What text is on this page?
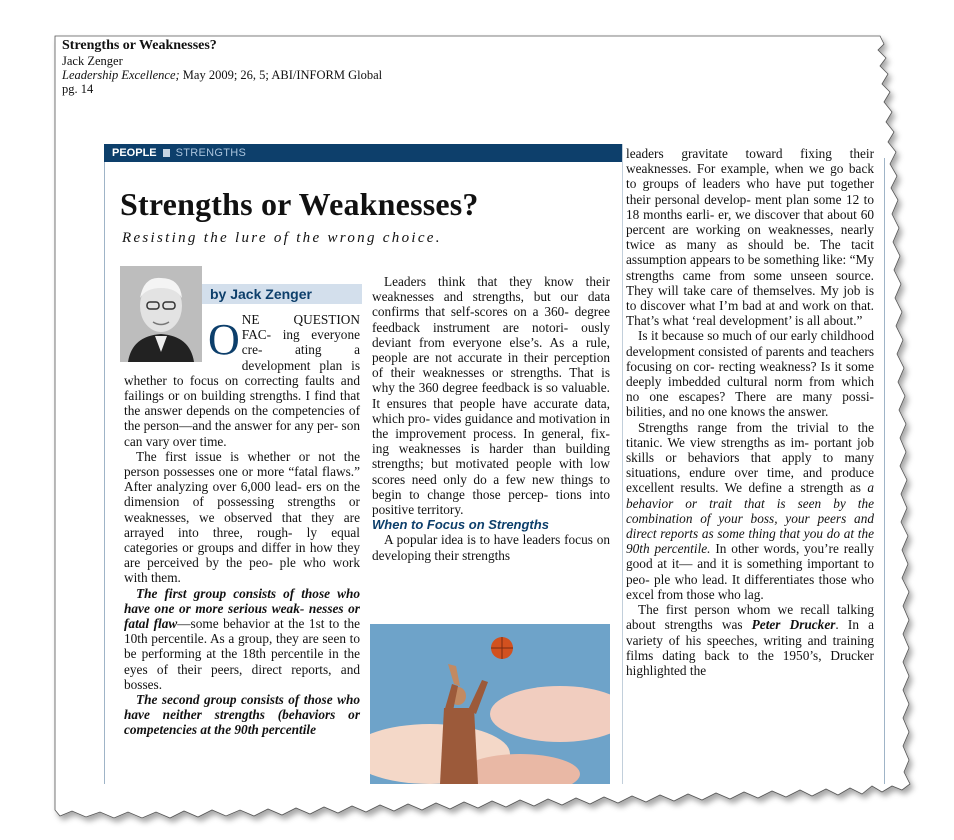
Strengths or Weaknesses?
Jack Zenger
Leadership Excellence; May 2009; 26, 5; ABI/INFORM Global
pg. 14
PEOPLE STRENGTHS
Strengths or Weaknesses?
Resisting the lure of the wrong choice.
by Jack Zenger

ONE QUESTION FAC- ing everyone cre- ating a development plan is whether to focus on correcting faults and failings or on building strengths. I find that the answer depends on the competencies of the person—and the answer for any per- son can vary over time.

The first issue is whether or not the person possesses one or more “fatal flaws.” After analyzing over 6,000 lead- ers on the dimension of possessing strengths or weaknesses, we observed that they are arrayed into three, rough- ly equal categories or groups and differ in how they are perceived by the peo- ple who work with them.

The first group consists of those who have one or more serious weak- nesses or fatal flaw—some behavior at the 1st to the 10th percentile. As a group, they are seen to be performing at the 18th percentile in the eyes of their peers, direct reports, and bosses.

The second group consists of those who have neither strengths (behaviors or competencies at the 90th percentile

Leaders think that they know their weaknesses and strengths, but our data confirms that self-scores on a 360- degree feedback instrument are notori- ously deviant from everyone else’s. As a rule, people are not accurate in their perception of their weaknesses or strengths. That is why the 360 degree feedback is so valuable. It ensures that people have accurate data, which pro- vides guidance and motivation in the improvement process. In general, fix- ing weaknesses is harder than building strengths; but motivated people with low scores need only do a few new things to begin to change those percep- tions into positive territory.

When to Focus on Strengths

A popular idea is to have leaders focus on developing their strengths

leaders gravitate toward fixing their weaknesses. For example, when we go back to groups of leaders who have put together their personal develop- ment plan some 12 to 18 months earli- er, we discover that about 60 percent are working on weaknesses, nearly twice as many as should be. The tacit assumption appears to be something like: “My strengths came from some unseen source. They will take care of themselves. My job is to discover what I’m bad at and work on that. That’s what ‘real development’ is all about.”

Is it because so much of our early childhood development consisted of parents and teachers focusing on cor- recting weakness? Is it some deeply imbedded cultural norm from which no one escapes? There are many possi- bilities, and no one knows the answer.

Strengths range from the trivial to the titanic. We view strengths as im- portant job skills or behaviors that apply to many situations, endure over time, and produce excellent results. We define a strength as a behavior or trait that is seen by the combination of your boss, your peers and direct reports as some thing that you do at the 90th percentile. In other words, you’re really good at it— and it is something important to peo- ple who lead. It differentiates those who excel from those who lag.

The first person whom we recall talking about strengths was Peter Drucker. In a variety of his speeches, writing and training films dating back to the 1950’s, Drucker highlighted the
